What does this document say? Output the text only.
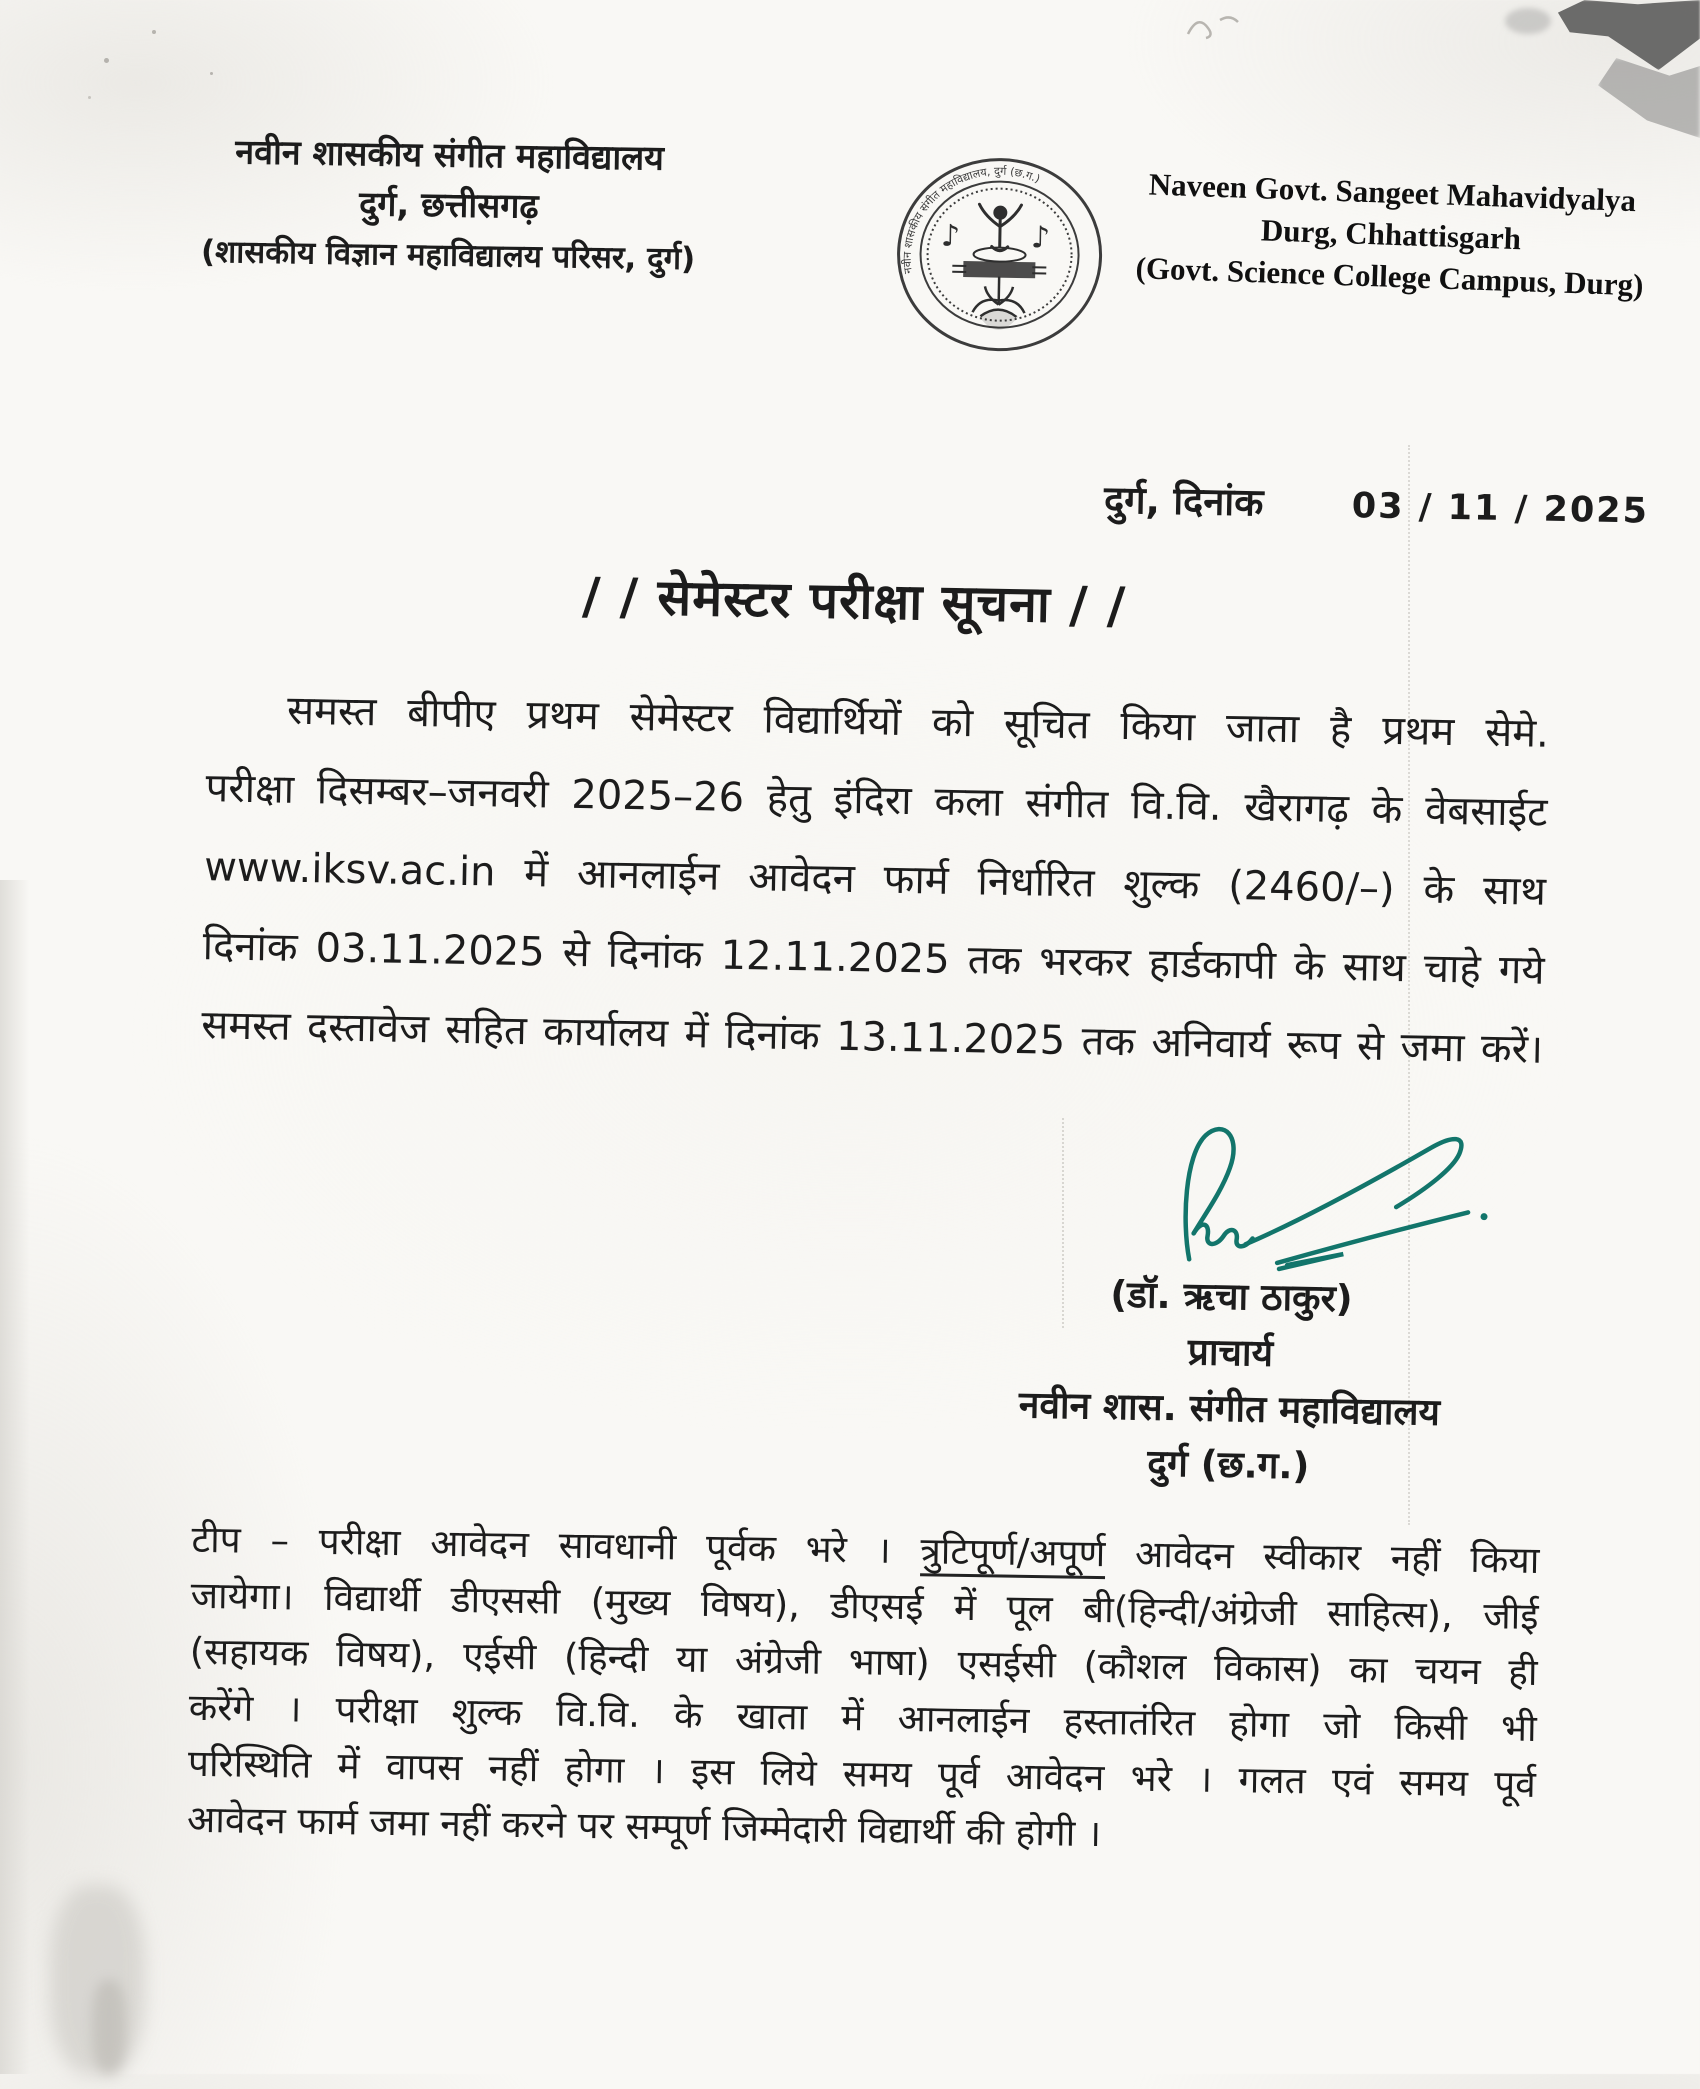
नवीन शासकीय संगीत महाविद्यालय
दुर्ग, छत्तीसगढ़
(शासकीय विज्ञान महाविद्यालय परिसर, दुर्ग)	नवीन शासकीय संगीत महाविद्यालय, दुर्ग (छ.ग.)
♪ ♪
Naveen Govt. Sangeet Mahavidyalya
Durg, Chhattisgarh
(Govt. Science College Campus, Durg)
दुर्ग, दिनांक	03 / 11 / 2025
/ / सेमेस्टर परीक्षा सूचना / /
समस्त बीपीए प्रथम सेमेस्टर विद्यार्थियों को सूचित किया जाता है प्रथम सेमे.
परीक्षा दिसम्बर–जनवरी 2025–26 हेतु इंदिरा कला संगीत वि.वि. खैरागढ़ के वेबसाईट
www.iksv.ac.in में आनलाईन आवेदन फार्म निर्धारित शुल्क (2460/–) के साथ
दिनांक 03.11.2025 से दिनांक 12.11.2025 तक भरकर हार्डकापी के साथ चाहे गये
समस्त दस्तावेज सहित कार्यालय में दिनांक 13.11.2025 तक अनिवार्य रूप से जमा करें।
(डॉ. ऋचा ठाकुर)
प्राचार्य
नवीन शास. संगीत महाविद्यालय
दुर्ग (छ.ग.)
टीप – परीक्षा आवेदन सावधानी पूर्वक भरे । त्रुटिपूर्ण/अपूर्ण आवेदन स्वीकार नहीं किया
जायेगा। विद्यार्थी डीएससी (मुख्य विषय), डीएसई में पूल बी(हिन्दी/अंग्रेजी साहित्स), जीई
(सहायक विषय), एईसी (हिन्दी या अंग्रेजी भाषा) एसईसी (कौशल विकास) का चयन ही
करेंगे । परीक्षा शुल्क वि.वि. के खाता में आनलाईन हस्तातंरित होगा जो किसी भी
परिस्थिति में वापस नहीं होगा । इस लिये समय पूर्व आवेदन भरे । गलत एवं समय पूर्व
आवेदन फार्म जमा नहीं करने पर सम्पूर्ण जिम्मेदारी विद्यार्थी की होगी ।
